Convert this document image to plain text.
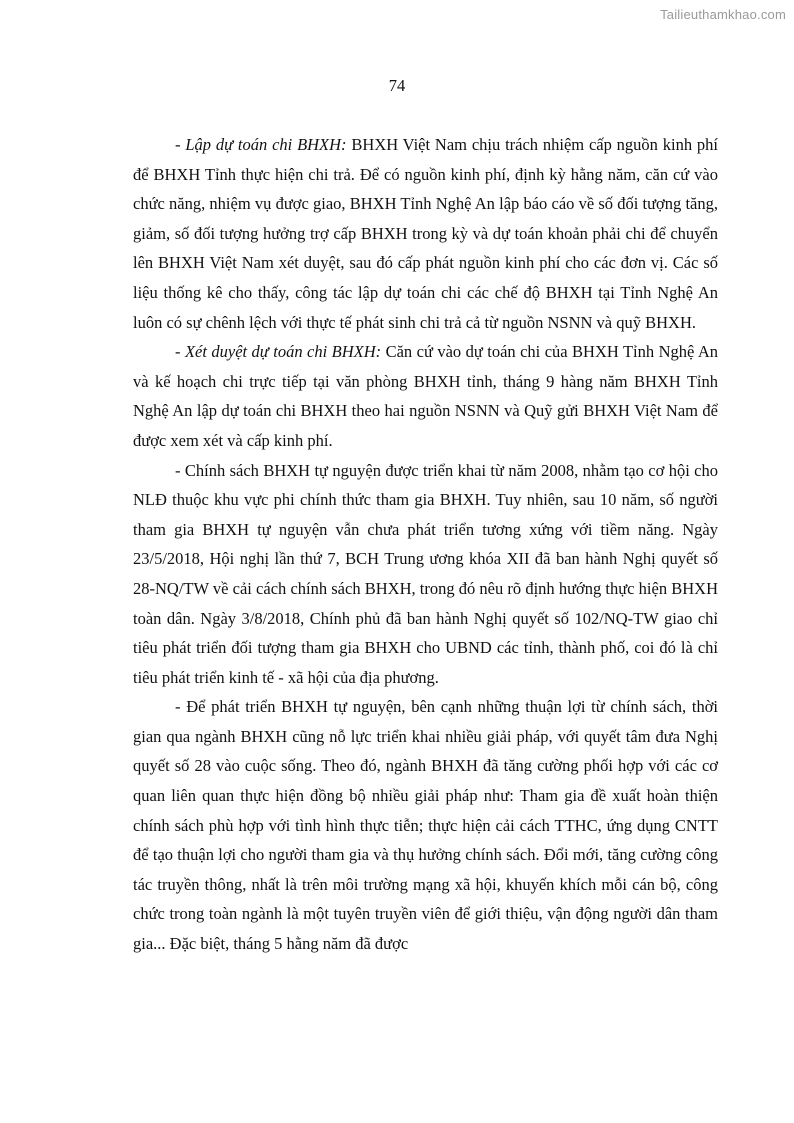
Tailieuthamkhao.com
74

- Lập dự toán chi BHXH: BHXH Việt Nam chịu trách nhiệm cấp nguồn kinh phí để BHXH Tỉnh thực hiện chi trả. Để có nguồn kinh phí, định kỳ hằng năm, căn cứ vào chức năng, nhiệm vụ được giao, BHXH Tỉnh Nghệ An lập báo cáo về số đối tượng tăng, giảm, số đối tượng hưởng trợ cấp BHXH trong kỳ và dự toán khoản phải chi để chuyển lên BHXH Việt Nam xét duyệt, sau đó cấp phát nguồn kinh phí cho các đơn vị. Các số liệu thống kê cho thấy, công tác lập dự toán chi các chế độ BHXH tại Tỉnh Nghệ An luôn có sự chênh lệch với thực tế phát sinh chi trả cả từ nguồn NSNN và quỹ BHXH.

- Xét duyệt dự toán chi BHXH: Căn cứ vào dự toán chi của BHXH Tỉnh Nghệ An và kế hoạch chi trực tiếp tại văn phòng BHXH tỉnh, tháng 9 hàng năm BHXH Tỉnh Nghệ An lập dự toán chi BHXH theo hai nguồn NSNN và Quỹ gửi BHXH Việt Nam để được xem xét và cấp kinh phí.

- Chính sách BHXH tự nguyện được triển khai từ năm 2008, nhằm tạo cơ hội cho NLĐ thuộc khu vực phi chính thức tham gia BHXH. Tuy nhiên, sau 10 năm, số người tham gia BHXH tự nguyện vẫn chưa phát triển tương xứng với tiềm năng. Ngày 23/5/2018, Hội nghị lần thứ 7, BCH Trung ương khóa XII đã ban hành Nghị quyết số 28-NQ/TW về cải cách chính sách BHXH, trong đó nêu rõ định hướng thực hiện BHXH toàn dân. Ngày 3/8/2018, Chính phủ đã ban hành Nghị quyết số 102/NQ-TW giao chỉ tiêu phát triển đối tượng tham gia BHXH cho UBND các tỉnh, thành phố, coi đó là chỉ tiêu phát triển kinh tế - xã hội của địa phương.

- Để phát triển BHXH tự nguyện, bên cạnh những thuận lợi từ chính sách, thời gian qua ngành BHXH cũng nỗ lực triển khai nhiều giải pháp, với quyết tâm đưa Nghị quyết số 28 vào cuộc sống. Theo đó, ngành BHXH đã tăng cường phối hợp với các cơ quan liên quan thực hiện đồng bộ nhiều giải pháp như: Tham gia đề xuất hoàn thiện chính sách phù hợp với tình hình thực tiễn; thực hiện cải cách TTHC, ứng dụng CNTT để tạo thuận lợi cho người tham gia và thụ hưởng chính sách. Đổi mới, tăng cường công tác truyền thông, nhất là trên môi trường mạng xã hội, khuyến khích mỗi cán bộ, công chức trong toàn ngành là một tuyên truyền viên để giới thiệu, vận động người dân tham gia... Đặc biệt, tháng 5 hằng năm đã được
